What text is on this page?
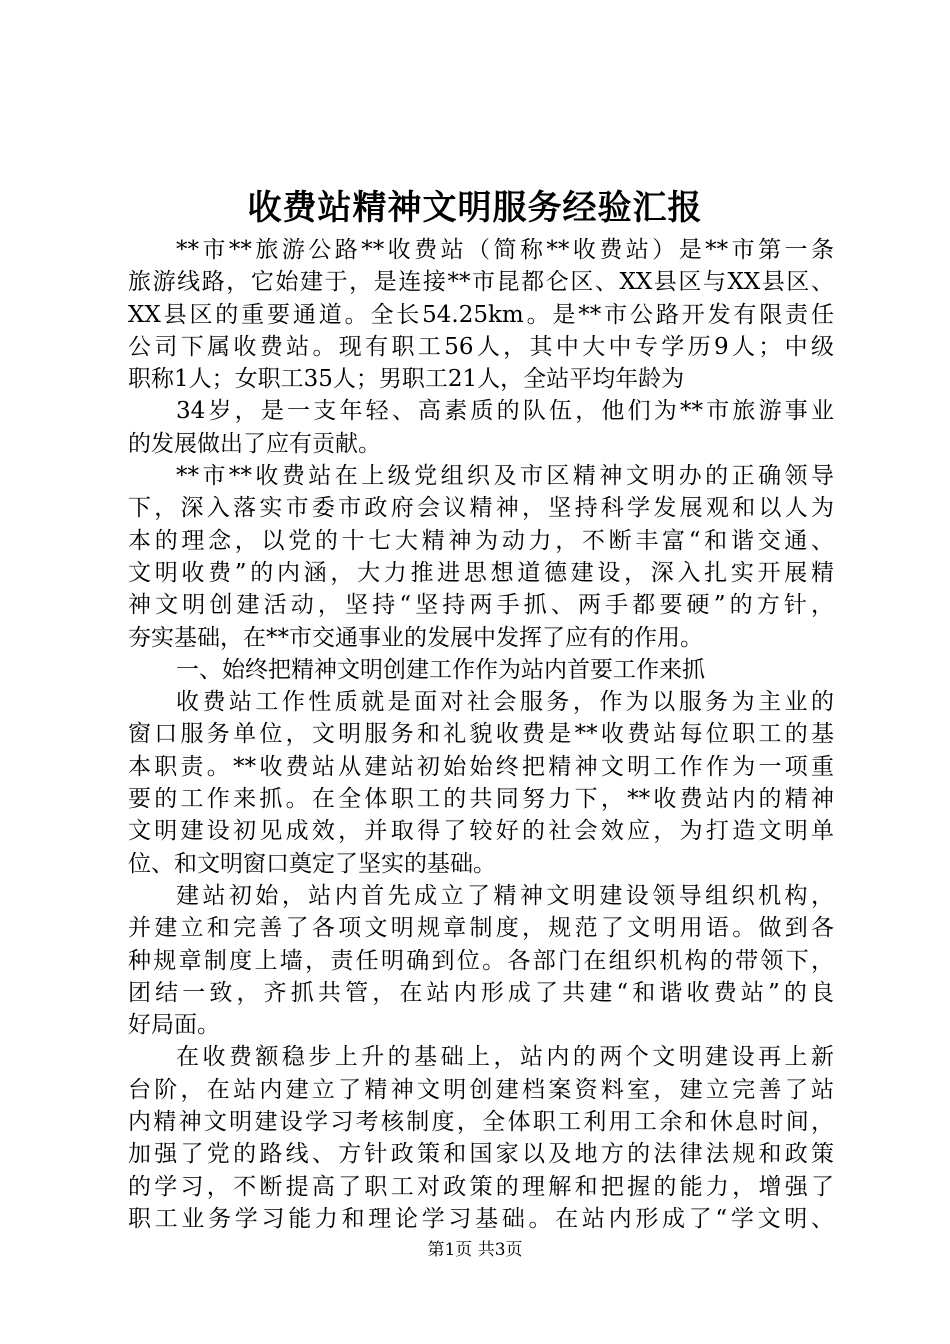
收费站精神文明服务经验汇报
**市**旅游公路**收费站（简称**收费站）是**市第一条
旅游线路，它始建于，是连接**市昆都仑区、XX县区与XX县区、
XX县区的重要通道。全长54.25km。是**市公路开发有限责任
公司下属收费站。现有职工56人，其中大中专学历9人；中级
职称1人；女职工35人；男职工21人，全站平均年龄为
34岁，是一支年轻、高素质的队伍，他们为**市旅游事业
的发展做出了应有贡献。
**市**收费站在上级党组织及市区精神文明办的正确领导
下，深入落实市委市政府会议精神，坚持科学发展观和以人为
本的理念，以党的十七大精神为动力，不断丰富“和谐交通、
文明收费”的内涵，大力推进思想道德建设，深入扎实开展精
神文明创建活动，坚持“坚持两手抓、两手都要硬”的方针，
夯实基础，在**市交通事业的发展中发挥了应有的作用。
一、始终把精神文明创建工作作为站内首要工作来抓
收费站工作性质就是面对社会服务，作为以服务为主业的
窗口服务单位，文明服务和礼貌收费是**收费站每位职工的基
本职责。**收费站从建站初始始终把精神文明工作作为一项重
要的工作来抓。在全体职工的共同努力下，**收费站内的精神
文明建设初见成效，并取得了较好的社会效应，为打造文明单
位、和文明窗口奠定了坚实的基础。
建站初始，站内首先成立了精神文明建设领导组织机构，
并建立和完善了各项文明规章制度，规范了文明用语。做到各
种规章制度上墙，责任明确到位。各部门在组织机构的带领下，
团结一致，齐抓共管，在站内形成了共建“和谐收费站”的良
好局面。
在收费额稳步上升的基础上，站内的两个文明建设再上新
台阶，在站内建立了精神文明创建档案资料室，建立完善了站
内精神文明建设学习考核制度，全体职工利用工余和休息时间，
加强了党的路线、方针政策和国家以及地方的法律法规和政策
的学习，不断提高了职工对政策的理解和把握的能力，增强了
职工业务学习能力和理论学习基础。在站内形成了“学文明、
第1页 共3页
